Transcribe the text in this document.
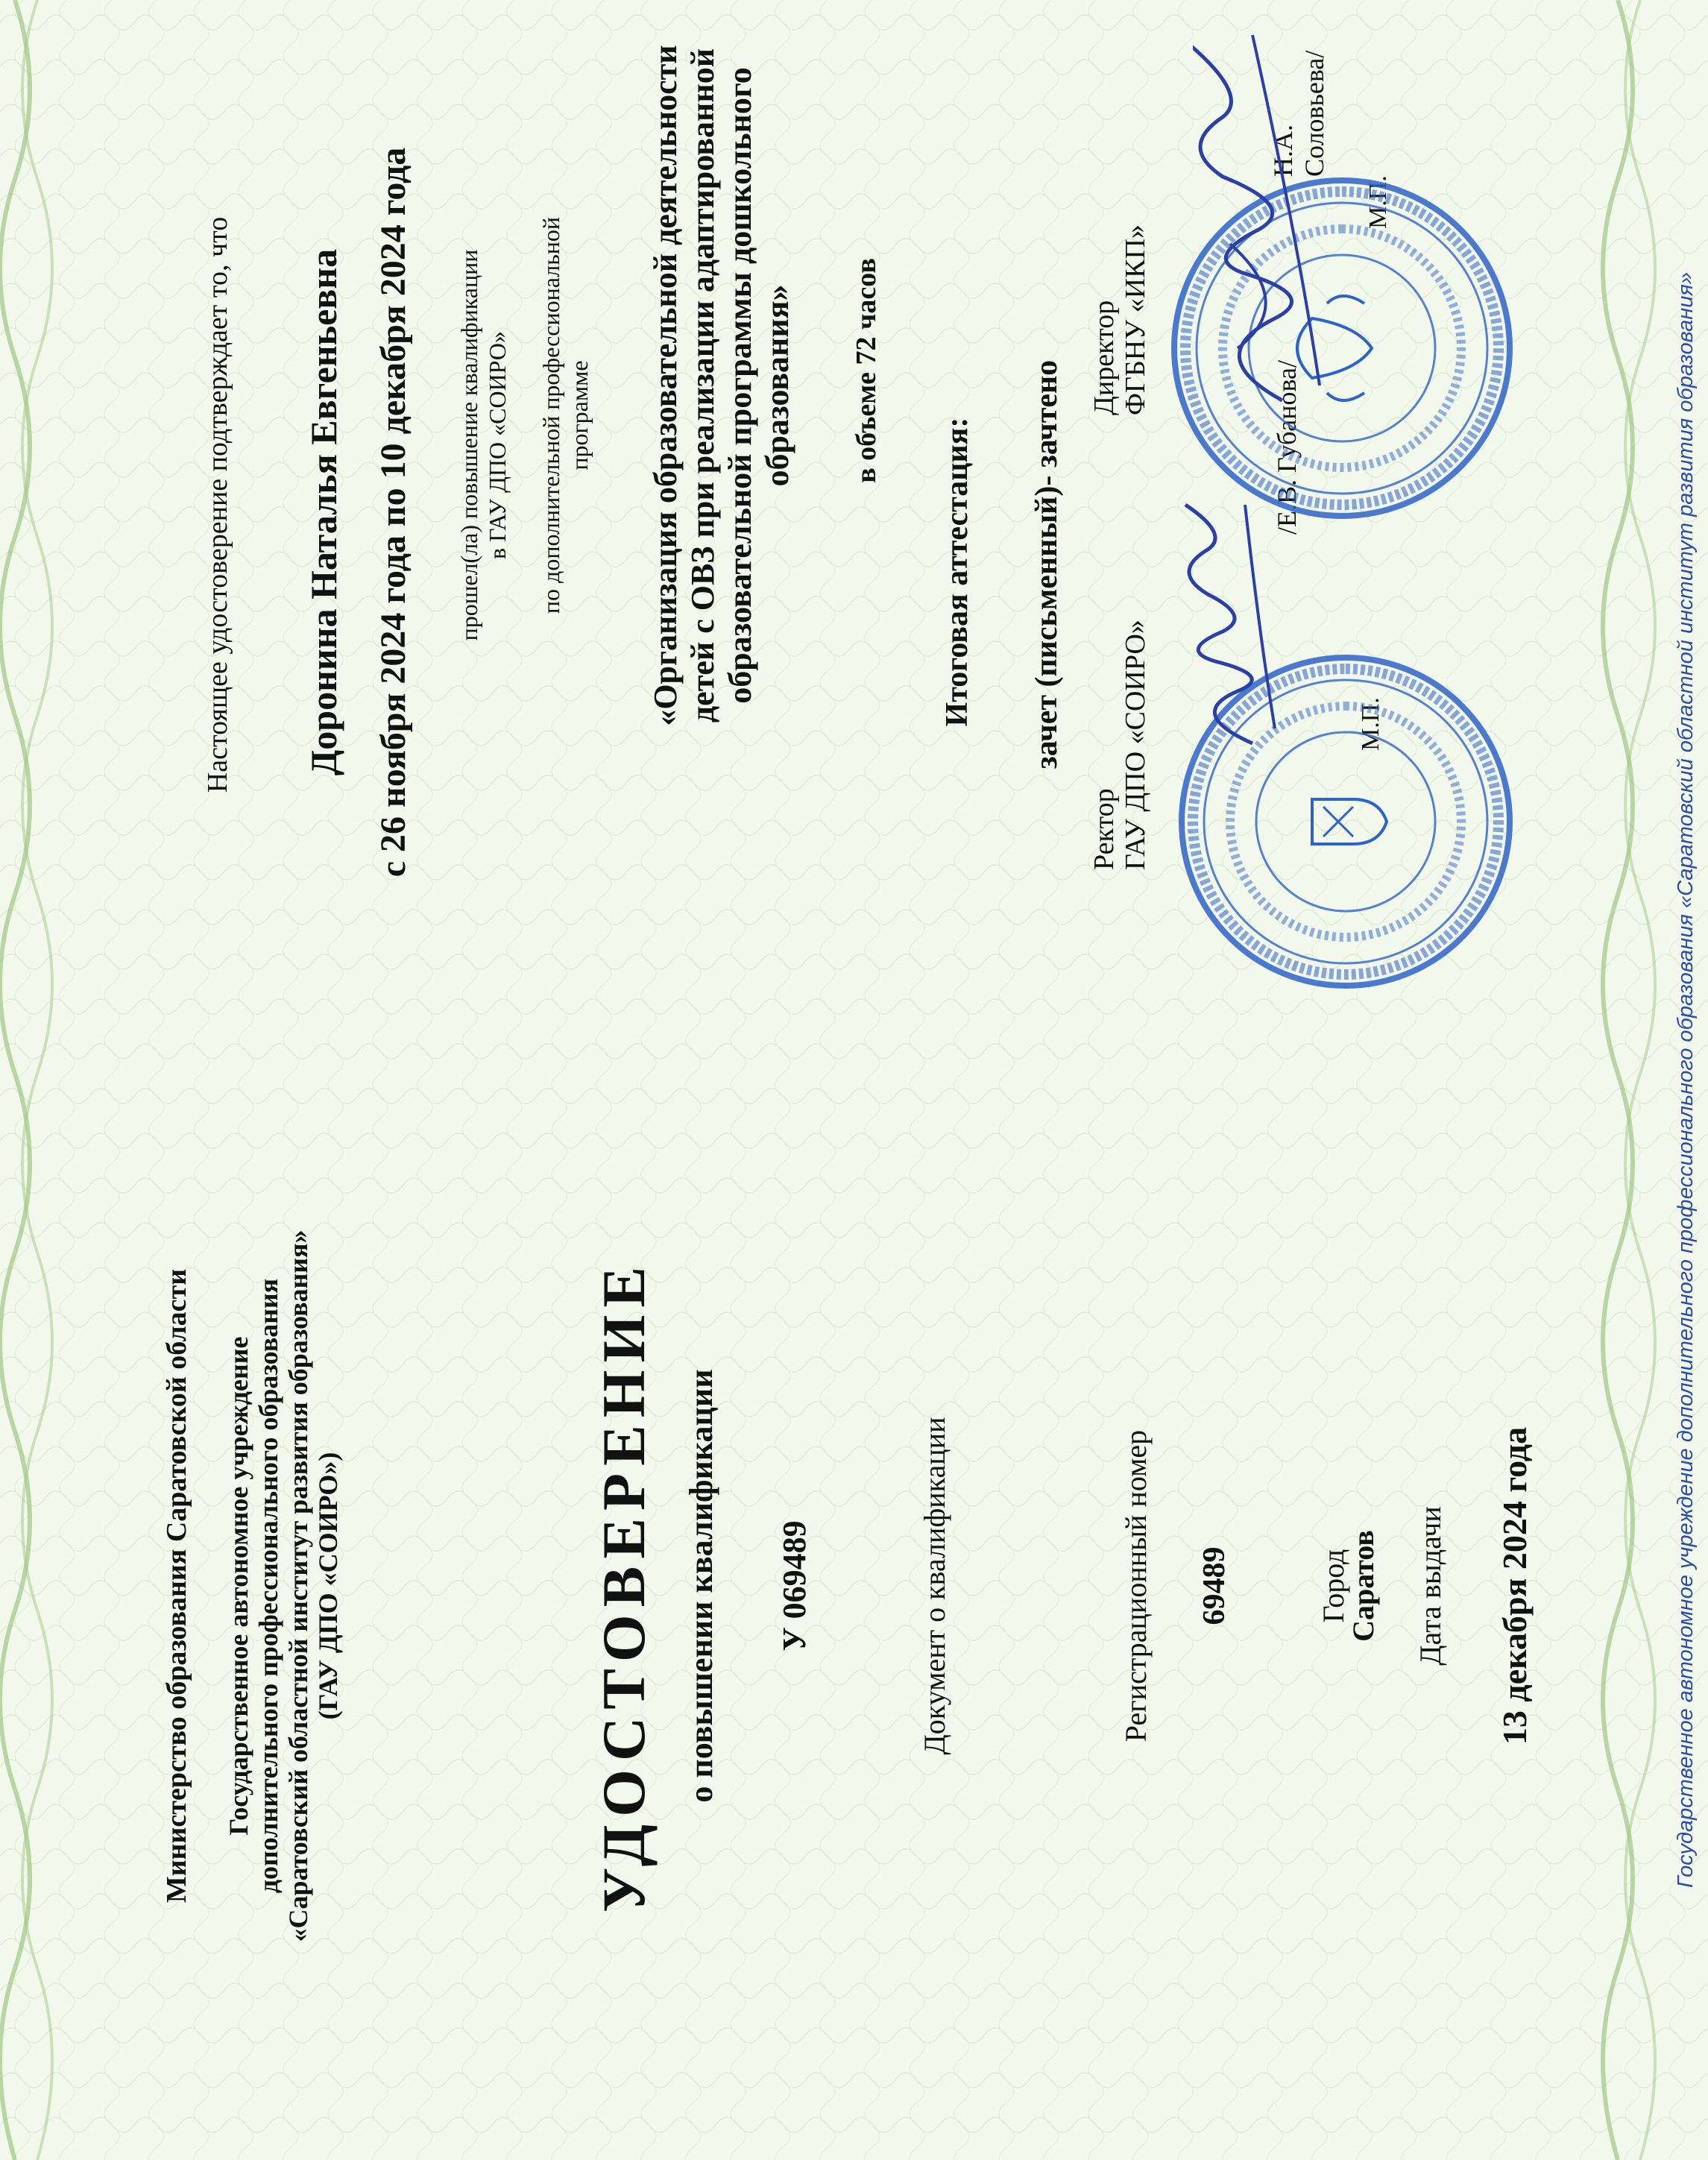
Министерство образования Саратовской области Государственное автономное учреждение дополнительного профессионального образования «Саратовский областной институт развития образования» (ГАУ ДПО «СОИРО»)	УДОСТОВЕРЕНИЕ о повышении квалификации У 069489	Документ о квалификации	Регистрационный номер 69489	Город
Саратов Дата выдачи 13 декабря 2024 года
Настоящее удостоверение подтверждает то, что Доронина Наталья Евгеньевна с 26 ноября 2024 года по 10 декабря 2024 года прошел(ла) повышение квалификации в ГАУ ДПО «СОИРО» по дополнительной профессиональной программе «Организация образовательной деятельности детей с ОВЗ при реализации адаптированной образовательной программы дошкольного образования» в объеме 72 часов
Итоговая аттестация: зачет (письменный)- зачтено
Ректор ГАУ ДПО «СОИРО»
/Е.В. Губанова/
М.П.
Директор ФГБНУ «ИКП»
Н.А. Соловьева/
М.П.
Государственное автономное учреждение дополнительного профессионального образования «Саратовский областной институт развития образования»
